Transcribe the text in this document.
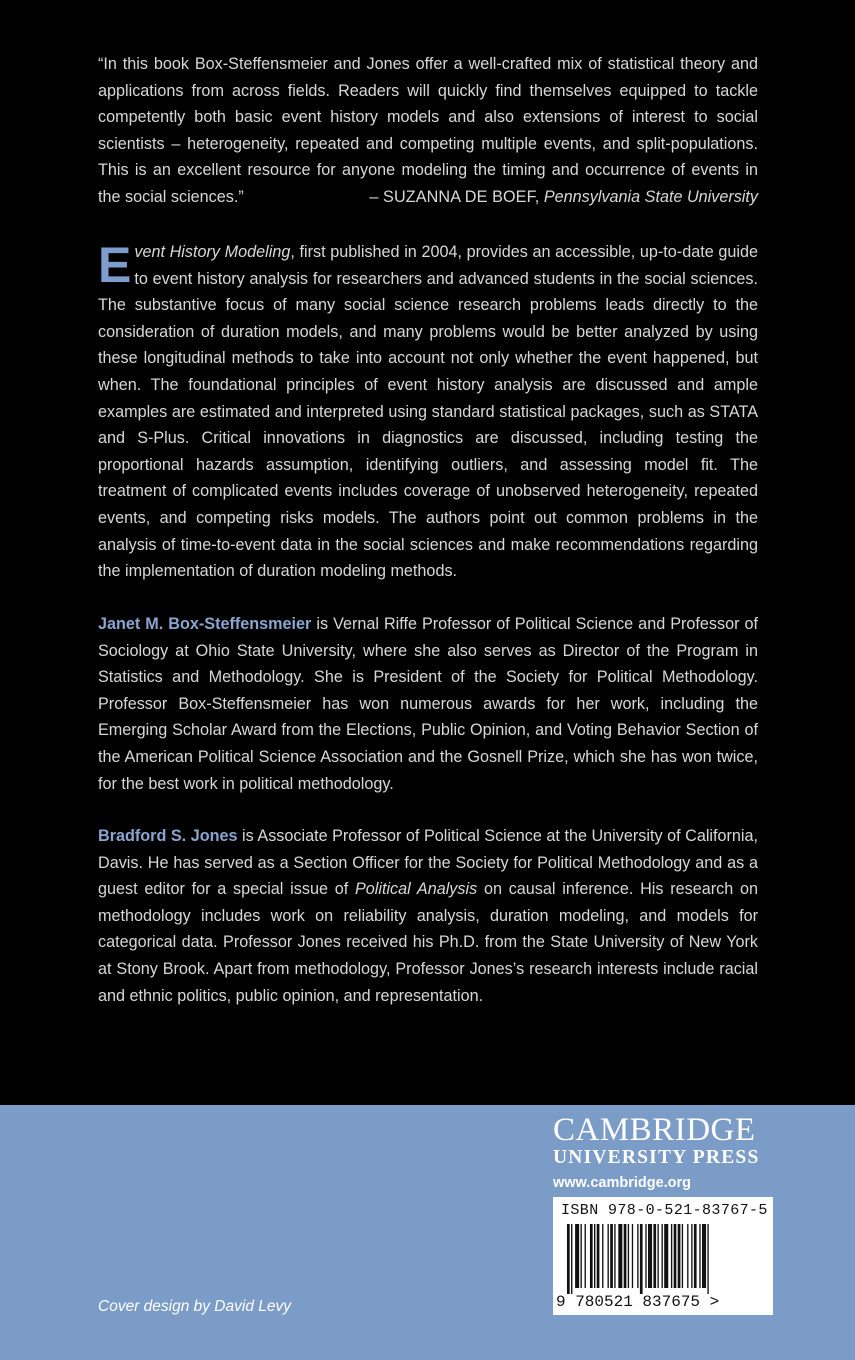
“In this book Box-Steffensmeier and Jones offer a well-crafted mix of statistical theory and applications from across fields. Readers will quickly find themselves equipped to tackle competently both basic event history models and also extensions of interest to social scientists – heterogeneity, repeated and competing multiple events, and split-populations. This is an excellent resource for anyone modeling the timing and occurrence of events in the social sciences.”	– SUZANNA DE BOEF, Pennsylvania State University

Event History Modeling, first published in 2004, provides an accessible, up-to-date guide to event history analysis for researchers and advanced students in the social sciences. The substantive focus of many social science research problems leads directly to the consideration of duration models, and many problems would be better analyzed by using these longitudinal methods to take into account not only whether the event happened, but when. The foundational principles of event history analysis are discussed and ample examples are estimated and interpreted using standard statistical packages, such as STATA and S-Plus. Critical innovations in diagnostics are discussed, including testing the proportional hazards assumption, identifying outliers, and assessing model fit. The treatment of complicated events includes coverage of unobserved heterogeneity, repeated events, and competing risks models. The authors point out common problems in the analysis of time-to-event data in the social sciences and make recommendations regarding the implementation of duration modeling methods.

Janet M. Box-Steffensmeier is Vernal Riffe Professor of Political Science and Professor of Sociology at Ohio State University, where she also serves as Director of the Program in Statistics and Methodology. She is President of the Society for Political Methodology. Professor Box-Steffensmeier has won numerous awards for her work, including the Emerging Scholar Award from the Elections, Public Opinion, and Voting Behavior Section of the American Political Science Association and the Gosnell Prize, which she has won twice, for the best work in political methodology.

Bradford S. Jones is Associate Professor of Political Science at the University of California, Davis. He has served as a Section Officer for the Society for Political Methodology and as a guest editor for a special issue of Political Analysis on causal inference. His research on methodology includes work on reliability analysis, duration modeling, and models for categorical data. Professor Jones received his Ph.D. from the State University of New York at Stony Brook. Apart from methodology, Professor Jones’s research interests include racial and ethnic politics, public opinion, and representation.

CAMBRIDGE
UNIVERSITY PRESS
www.cambridge.org
ISBN 978-0-521-83767-5
9 780521 837675 >
Cover design by David Levy
